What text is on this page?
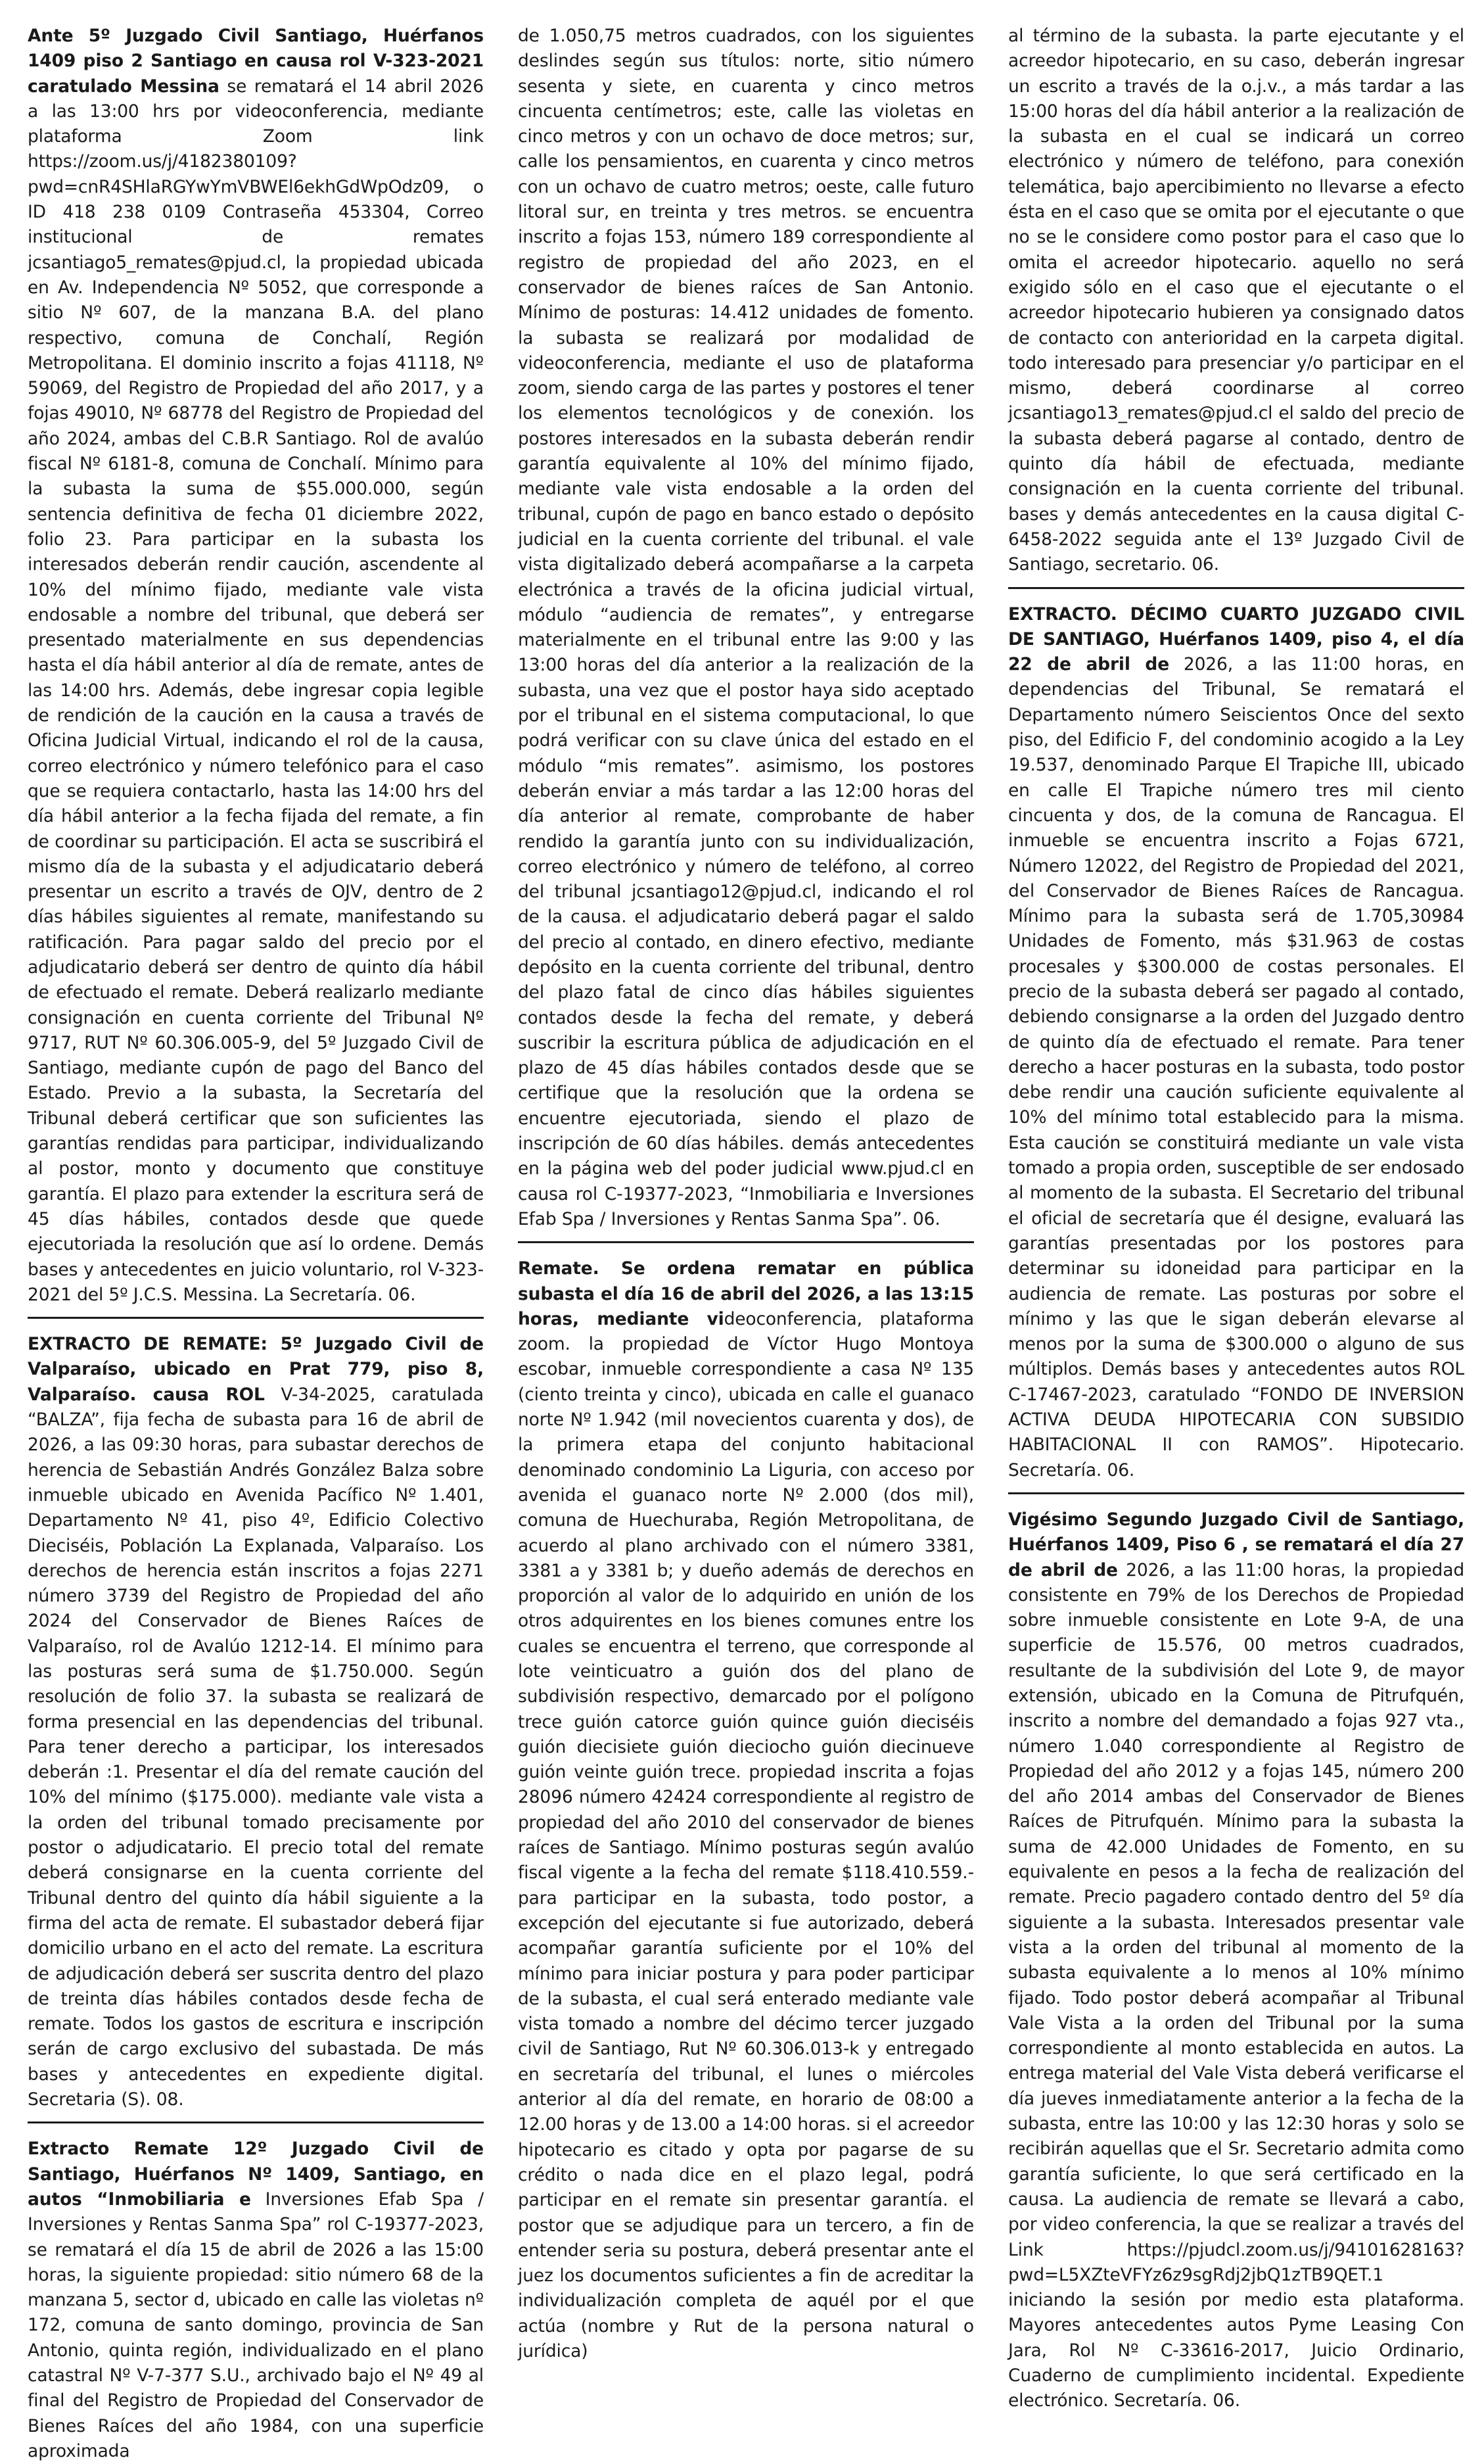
Ante 5º Juzgado Civil Santiago, Huérfanos 1409 piso 2 Santiago en causa rol V-323-2021 caratulado Messina se rematará el 14 abril 2026 a las 13:00 hrs por videoconferencia, mediante plataforma Zoom link https://zoom.us/j/4182380109?pwd=cnR4SHlaRGYwYmVBWEl6ekhGdWpOdz09, o ID 418 238 0109 Contraseña 453304, Correo institucional de remates jcsantiago5_remates@pjud.cl, la propiedad ubicada en Av. Independencia Nº 5052, que corresponde a sitio Nº 607, de la manzana B.A. del plano respectivo, comuna de Conchalí, Región Metropolitana. El dominio inscrito a fojas 41118, Nº 59069, del Registro de Propiedad del año 2017, y a fojas 49010, Nº 68778 del Registro de Propiedad del año 2024, ambas del C.B.R Santiago. Rol de avalúo fiscal Nº 6181-8, comuna de Conchalí. Mínimo para la subasta la suma de $55.000.000, según sentencia definitiva de fecha 01 diciembre 2022, folio 23. Para participar en la subasta los interesados deberán rendir caución, ascendente al 10% del mínimo fijado, mediante vale vista endosable a nombre del tribunal, que deberá ser presentado materialmente en sus dependencias hasta el día hábil anterior al día de remate, antes de las 14:00 hrs. Además, debe ingresar copia legible de rendición de la caución en la causa a través de Oficina Judicial Virtual, indicando el rol de la causa, correo electrónico y número telefónico para el caso que se requiera contactarlo, hasta las 14:00 hrs del día hábil anterior a la fecha fijada del remate, a fin de coordinar su participación. El acta se suscribirá el mismo día de la subasta y el adjudicatario deberá presentar un escrito a través de OJV, dentro de 2 días hábiles siguientes al remate, manifestando su ratificación. Para pagar saldo del precio por el adjudicatario deberá ser dentro de quinto día hábil de efectuado el remate. Deberá realizarlo mediante consignación en cuenta corriente del Tribunal Nº 9717, RUT Nº 60.306.005-9, del 5º Juzgado Civil de Santiago, mediante cupón de pago del Banco del Estado. Previo a la subasta, la Secretaría del Tribunal deberá certificar que son suficientes las garantías rendidas para participar, individualizando al postor, monto y documento que constituye garantía. El plazo para extender la escritura será de 45 días hábiles, contados desde que quede ejecutoriada la resolución que así lo ordene. Demás bases y antecedentes en juicio voluntario, rol V-323-2021 del 5º J.C.S. Messina. La Secretaría. 06.

EXTRACTO DE REMATE: 5º Juzgado Civil de Valparaíso, ubicado en Prat 779, piso 8, Valparaíso. causa ROL V-34-2025, caratulada “BALZA”, fija fecha de subasta para 16 de abril de 2026, a las 09:30 horas, para subastar derechos de herencia de Sebastián Andrés González BaIza sobre inmueble ubicado en Avenida Pacífico Nº 1.401, Departamento Nº 41, piso 4º, Edificio Colectivo Dieciséis, Población La Explanada, Valparaíso. Los derechos de herencia están inscritos a fojas 2271 número 3739 del Registro de Propiedad del año 2024 del Conservador de Bienes Raíces de Valparaíso, rol de Avalúo 1212-14. El mínimo para las posturas será suma de $1.750.000. Según resolución de folio 37. la subasta se realizará de forma presencial en las dependencias del tribunal. Para tener derecho a participar, los interesados deberán :1. Presentar el día del remate caución del 10% del mínimo ($175.000). mediante vale vista a la orden del tribunal tomado precisamente por postor o adjudicatario. El precio total del remate deberá consignarse en la cuenta corriente del Tribunal dentro del quinto día hábil siguiente a la firma del acta de remate. El subastador deberá fijar domicilio urbano en el acto del remate. La escritura de adjudicación deberá ser suscrita dentro del plazo de treinta días hábiles contados desde fecha de remate. Todos los gastos de escritura e inscripción serán de cargo exclusivo del subastada. De más bases y antecedentes en expediente digital. Secretaria (S). 08.

Extracto Remate 12º Juzgado Civil de Santiago, Huérfanos Nº 1409, Santiago, en autos “Inmobiliaria e Inversiones Efab Spa / Inversiones y Rentas Sanma Spa” rol C-19377-2023, se rematará el día 15 de abril de 2026 a las 15:00 horas, la siguiente propiedad: sitio número 68 de la manzana 5, sector d, ubicado en calle las violetas nº 172, comuna de santo domingo, provincia de San Antonio, quinta región, individualizado en el plano catastral Nº V-7-377 S.U., archivado bajo el Nº 49 al final del Registro de Propiedad del Conservador de Bienes Raíces del año 1984, con una superficie aproximada

de 1.050,75 metros cuadrados, con los siguientes deslindes según sus títulos: norte, sitio número sesenta y siete, en cuarenta y cinco metros cincuenta centímetros; este, calle las violetas en cinco metros y con un ochavo de doce metros; sur, calle los pensamientos, en cuarenta y cinco metros con un ochavo de cuatro metros; oeste, calle futuro litoral sur, en treinta y tres metros. se encuentra inscrito a fojas 153, número 189 correspondiente al registro de propiedad del año 2023, en el conservador de bienes raíces de San Antonio. Mínimo de posturas: 14.412 unidades de fomento. la subasta se realizará por modalidad de videoconferencia, mediante el uso de plataforma zoom, siendo carga de las partes y postores el tener los elementos tecnológicos y de conexión. los postores interesados en la subasta deberán rendir garantía equivalente al 10% del mínimo fijado, mediante vale vista endosable a la orden del tribunal, cupón de pago en banco estado o depósito judicial en la cuenta corriente del tribunal. el vale vista digitalizado deberá acompañarse a la carpeta electrónica a través de la oficina judicial virtual, módulo “audiencia de remates”, y entregarse materialmente en el tribunal entre las 9:00 y las 13:00 horas del día anterior a la realización de la subasta, una vez que el postor haya sido aceptado por el tribunal en el sistema computacional, lo que podrá verificar con su clave única del estado en el módulo “mis remates”. asimismo, los postores deberán enviar a más tardar a las 12:00 horas del día anterior al remate, comprobante de haber rendido la garantía junto con su individualización, correo electrónico y número de teléfono, al correo del tribunal jcsantiago12@pjud.cl, indicando el rol de la causa. el adjudicatario deberá pagar el saldo del precio al contado, en dinero efectivo, mediante depósito en la cuenta corriente del tribunal, dentro del plazo fatal de cinco días hábiles siguientes contados desde la fecha del remate, y deberá suscribir la escritura pública de adjudicación en el plazo de 45 días hábiles contados desde que se certifique que la resolución que la ordena se encuentre ejecutoriada, siendo el plazo de inscripción de 60 días hábiles. demás antecedentes en la página web del poder judicial www.pjud.cl en causa rol C-19377-2023, “Inmobiliaria e Inversiones Efab Spa / Inversiones y Rentas Sanma Spa”. 06.

Remate. Se ordena rematar en pública subasta el día 16 de abril del 2026, a las 13:15 horas, mediante videoconferencia, plataforma zoom. la propiedad de Víctor Hugo Montoya escobar, inmueble correspondiente a casa Nº 135 (ciento treinta y cinco), ubicada en calle el guanaco norte Nº 1.942 (mil novecientos cuarenta y dos), de la primera etapa del conjunto habitacional denominado condominio La Liguria, con acceso por avenida el guanaco norte Nº 2.000 (dos mil), comuna de Huechuraba, Región Metropolitana, de acuerdo al plano archivado con el número 3381, 3381 a y 3381 b; y dueño además de derechos en proporción al valor de lo adquirido en unión de los otros adquirentes en los bienes comunes entre los cuales se encuentra el terreno, que corresponde al lote veinticuatro a guión dos del plano de subdivisión respectivo, demarcado por el polígono trece guión catorce guión quince guión dieciséis guión diecisiete guión dieciocho guión diecinueve guión veinte guión trece. propiedad inscrita a fojas 28096 número 42424 correspondiente al registro de propiedad del año 2010 del conservador de bienes raíces de Santiago. Mínimo posturas según avalúo fiscal vigente a la fecha del remate $118.410.559.- para participar en la subasta, todo postor, a excepción del ejecutante si fue autorizado, deberá acompañar garantía suficiente por el 10% del mínimo para iniciar postura y para poder participar de la subasta, el cual será enterado mediante vale vista tomado a nombre del décimo tercer juzgado civil de Santiago, Rut Nº 60.306.013-k y entregado en secretaría del tribunal, el lunes o miércoles anterior al día del remate, en horario de 08:00 a 12.00 horas y de 13.00 a 14:00 horas. si el acreedor hipotecario es citado y opta por pagarse de su crédito o nada dice en el plazo legal, podrá participar en el remate sin presentar garantía. el postor que se adjudique para un tercero, a fin de entender seria su postura, deberá presentar ante el juez los documentos suficientes a fin de acreditar la individualización completa de aquél por el que actúa (nombre y Rut de la persona natural o jurídica)

al término de la subasta. la parte ejecutante y el acreedor hipotecario, en su caso, deberán ingresar un escrito a través de la o.j.v., a más tardar a las 15:00 horas del día hábil anterior a la realización de la subasta en el cual se indicará un correo electrónico y número de teléfono, para conexión telemática, bajo apercibimiento no llevarse a efecto ésta en el caso que se omita por el ejecutante o que no se le considere como postor para el caso que lo omita el acreedor hipotecario. aquello no será exigido sólo en el caso que el ejecutante o el acreedor hipotecario hubieren ya consignado datos de contacto con anterioridad en la carpeta digital. todo interesado para presenciar y/o participar en el mismo, deberá coordinarse al correo jcsantiago13_remates@pjud.cl el saldo del precio de la subasta deberá pagarse al contado, dentro de quinto día hábil de efectuada, mediante consignación en la cuenta corriente del tribunal. bases y demás antecedentes en la causa digital C-6458-2022 seguida ante el 13º Juzgado Civil de Santiago, secretario. 06.

EXTRACTO. DÉCIMO CUARTO JUZGADO CIVIL DE SANTIAGO, Huérfanos 1409, piso 4, el día 22 de abril de 2026, a las 11:00 horas, en dependencias del Tribunal, Se rematará el Departamento número Seiscientos Once del sexto piso, del Edificio F, del condominio acogido a la Ley 19.537, denominado Parque El Trapiche III, ubicado en calle El Trapiche número tres mil ciento cincuenta y dos, de la comuna de Rancagua. El inmueble se encuentra inscrito a Fojas 6721, Número 12022, del Registro de Propiedad del 2021, del Conservador de Bienes Raíces de Rancagua. Mínimo para la subasta será de 1.705,30984 Unidades de Fomento, más $31.963 de costas procesales y $300.000 de costas personales. El precio de la subasta deberá ser pagado al contado, debiendo consignarse a la orden del Juzgado dentro de quinto día de efectuado el remate. Para tener derecho a hacer posturas en la subasta, todo postor debe rendir una caución suficiente equivalente al 10% del mínimo total establecido para la misma. Esta caución se constituirá mediante un vale vista tomado a propia orden, susceptible de ser endosado al momento de la subasta. El Secretario del tribunal el oficial de secretaría que él designe, evaluará las garantías presentadas por los postores para determinar su idoneidad para participar en la audiencia de remate. Las posturas por sobre el mínimo y las que le sigan deberán elevarse al menos por la suma de $300.000 o alguno de sus múltiplos. Demás bases y antecedentes autos ROL C-17467-2023, caratulado “FONDO DE INVERSION ACTIVA DEUDA HIPOTECARIA CON SUBSIDIO HABITACIONAL II con RAMOS”. Hipotecario. Secretaría. 06.

Vigésimo Segundo Juzgado Civil de Santiago, Huérfanos 1409, Piso 6 , se rematará el día 27 de abril de 2026, a las 11:00 horas, la propiedad consistente en 79% de los Derechos de Propiedad sobre inmueble consistente en Lote 9-A, de una superficie de 15.576, 00 metros cuadrados, resultante de la subdivisión del Lote 9, de mayor extensión, ubicado en la Comuna de Pitrufquén, inscrito a nombre del demandado a fojas 927 vta., número 1.040 correspondiente al Registro de Propiedad del año 2012 y a fojas 145, número 200 del año 2014 ambas del Conservador de Bienes Raíces de Pitrufquén. Mínimo para la subasta la suma de 42.000 Unidades de Fomento, en su equivalente en pesos a la fecha de realización del remate. Precio pagadero contado dentro del 5º día siguiente a la subasta. Interesados presentar vale vista a la orden del tribunal al momento de la subasta equivalente a lo menos al 10% mínimo fijado. Todo postor deberá acompañar al Tribunal Vale Vista a la orden del Tribunal por la suma correspondiente al monto establecida en autos. La entrega material del Vale Vista deberá verificarse el día jueves inmediatamente anterior a la fecha de la subasta, entre las 10:00 y las 12:30 horas y solo se recibirán aquellas que el Sr. Secretario admita como garantía suficiente, lo que será certificado en la causa. La audiencia de remate se llevará a cabo, por video conferencia, la que se realizar a través del Link https://pjudcl.zoom.us/j/94101628163?pwd=L5XZteVFYz6z9sgRdj2jbQ1zTB9QET.1 iniciando la sesión por medio esta plataforma. Mayores antecedentes autos Pyme Leasing Con Jara, Rol Nº C-33616-2017, Juicio Ordinario, Cuaderno de cumplimiento incidental. Expediente electrónico. Secretaría. 06.
